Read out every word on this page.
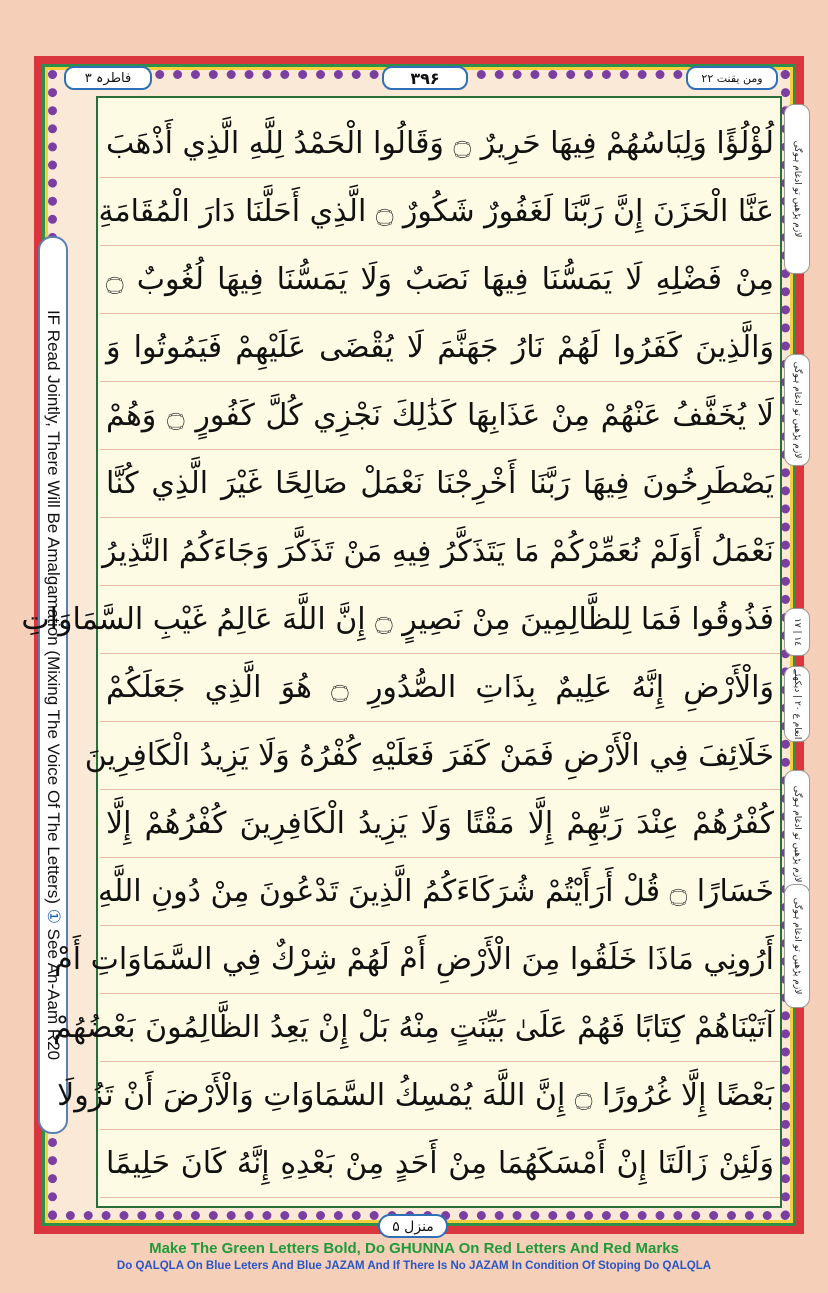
فاطرہ ۳	۳۹۶	ومن یقنت ۲۲
IF Read Jointly, There Will Be Amalgamation (Mixing The Voice Of The Letters) ① See An-Aam R20
لازم پڑھیں تو ادغام ہوگی
لازم پڑھیں تو ادغام ہوگی
١٤ | ١٧
انعام ع ۲۰ | دیکھئے
لازم پڑھیں تو ادغام ہوگی
لازم پڑھیں تو ادغام ہوگی
لُؤْلُؤًا وَلِبَاسُهُمْ فِيهَا حَرِيرٌ ۝ وَقَالُوا الْحَمْدُ لِلَّهِ الَّذِي أَذْهَبَ
عَنَّا الْحَزَنَ إِنَّ رَبَّنَا لَغَفُورٌ شَكُورٌ ۝ الَّذِي أَحَلَّنَا دَارَ الْمُقَامَةِ
مِنْ فَضْلِهِ لَا يَمَسُّنَا فِيهَا نَصَبٌ وَلَا يَمَسُّنَا فِيهَا لُغُوبٌ ۝
وَالَّذِينَ كَفَرُوا لَهُمْ نَارُ جَهَنَّمَ لَا يُقْضَى عَلَيْهِمْ فَيَمُوتُوا وَ
لَا يُخَفَّفُ عَنْهُمْ مِنْ عَذَابِهَا كَذَٰلِكَ نَجْزِي كُلَّ كَفُورٍ ۝ وَهُمْ
يَصْطَرِخُونَ فِيهَا رَبَّنَا أَخْرِجْنَا نَعْمَلْ صَالِحًا غَيْرَ الَّذِي كُنَّا
نَعْمَلُ أَوَلَمْ نُعَمِّرْكُمْ مَا يَتَذَكَّرُ فِيهِ مَنْ تَذَكَّرَ وَجَاءَكُمُ النَّذِيرُ
فَذُوقُوا فَمَا لِلظَّالِمِينَ مِنْ نَصِيرٍ ۝ إِنَّ اللَّهَ عَالِمُ غَيْبِ السَّمَاوَاتِ
وَالْأَرْضِ إِنَّهُ عَلِيمٌ بِذَاتِ الصُّدُورِ ۝ هُوَ الَّذِي جَعَلَكُمْ
خَلَائِفَ فِي الْأَرْضِ فَمَنْ كَفَرَ فَعَلَيْهِ كُفْرُهُ وَلَا يَزِيدُ الْكَافِرِينَ
كُفْرُهُمْ عِنْدَ رَبِّهِمْ إِلَّا مَقْتًا وَلَا يَزِيدُ الْكَافِرِينَ كُفْرُهُمْ إِلَّا
خَسَارًا ۝ قُلْ أَرَأَيْتُمْ شُرَكَاءَكُمُ الَّذِينَ تَدْعُونَ مِنْ دُونِ اللَّهِ
أَرُونِي مَاذَا خَلَقُوا مِنَ الْأَرْضِ أَمْ لَهُمْ شِرْكٌ فِي السَّمَاوَاتِ أَمْ
آتَيْنَاهُمْ كِتَابًا فَهُمْ عَلَىٰ بَيِّنَتٍ مِنْهُ بَلْ إِنْ يَعِدُ الظَّالِمُونَ بَعْضُهُمْ
بَعْضًا إِلَّا غُرُورًا ۝ إِنَّ اللَّهَ يُمْسِكُ السَّمَاوَاتِ وَالْأَرْضَ أَنْ تَزُولَا
وَلَئِنْ زَالَتَا إِنْ أَمْسَكَهُمَا مِنْ أَحَدٍ مِنْ بَعْدِهِ إِنَّهُ كَانَ حَلِيمًا
منزل ۵
Make The Green Letters Bold, Do GHUNNA On Red Letters And Red Marks
Do QALQLA On Blue Leters And Blue JAZAM And If There Is No JAZAM In Condition Of Stoping Do QALQLA
